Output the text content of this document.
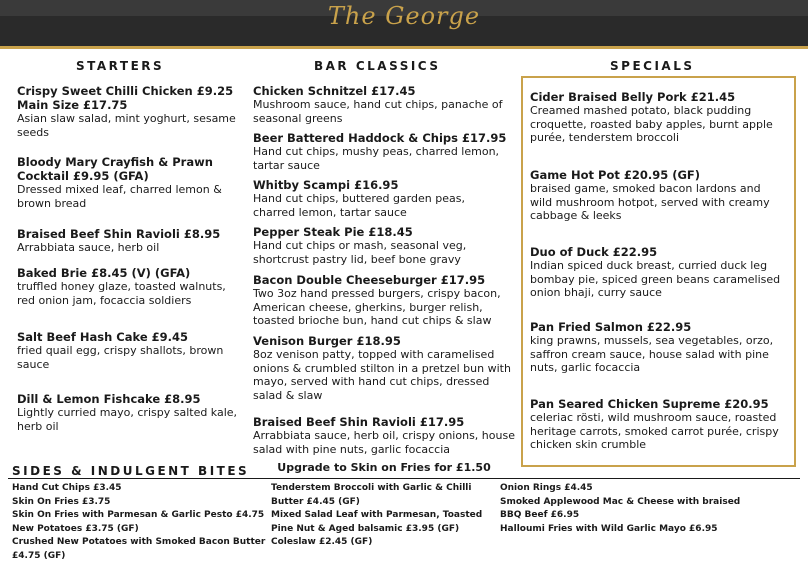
The George
STARTERS	BAR CLASSICS	SPECIALS
Crispy Sweet Chilli Chicken £9.25
Main Size £17.75
Asian slaw salad, mint yoghurt, sesame
seeds
Bloody Mary Crayfish & Prawn
Cocktail £9.95 (GFA)
Dressed mixed leaf, charred lemon &
brown bread
Braised Beef Shin Ravioli £8.95
Arrabbiata sauce, herb oil
Baked Brie £8.45 (V) (GFA)
truffled honey glaze, toasted walnuts,
red onion jam, focaccia soldiers
Salt Beef Hash Cake £9.45
fried quail egg, crispy shallots, brown
sauce
Dill & Lemon Fishcake £8.95
Lightly curried mayo, crispy salted kale,
herb oil
Chicken Schnitzel £17.45
Mushroom sauce, hand cut chips, panache of
seasonal greens
Beer Battered Haddock & Chips £17.95
Hand cut chips, mushy peas, charred lemon,
tartar sauce
Whitby Scampi £16.95
Hand cut chips, buttered garden peas,
charred lemon, tartar sauce
Pepper Steak Pie £18.45
Hand cut chips or mash, seasonal veg,
shortcrust pastry lid, beef bone gravy
Bacon Double Cheeseburger £17.95
Two 3oz hand pressed burgers, crispy bacon,
American cheese, gherkins, burger relish,
toasted brioche bun, hand cut chips & slaw
Venison Burger £18.95
8oz venison patty, topped with caramelised
onions & crumbled stilton in a pretzel bun with
mayo, served with hand cut chips, dressed
salad & slaw
Braised Beef Shin Ravioli £17.95
Arrabbiata sauce, herb oil, crispy onions, house
salad with pine nuts, garlic focaccia
Upgrade to Skin on Fries for £1.50
Cider Braised Belly Pork £21.45
Creamed mashed potato, black pudding
croquette, roasted baby apples, burnt apple
purée, tenderstem broccoli
Game Hot Pot £20.95 (GF)
braised game, smoked bacon lardons and
wild mushroom hotpot, served with creamy
cabbage & leeks
Duo of Duck £22.95
Indian spiced duck breast, curried duck leg
bombay pie, spiced green beans caramelised
onion bhaji, curry sauce
Pan Fried Salmon £22.95
king prawns, mussels, sea vegetables, orzo,
saffron cream sauce, house salad with pine
nuts, garlic focaccia
Pan Seared Chicken Supreme £20.95
celeriac rösti, wild mushroom sauce, roasted
heritage carrots, smoked carrot purée, crispy
chicken skin crumble
SIDES & INDULGENT BITES
Hand Cut Chips £3.45
Skin On Fries £3.75
Skin On Fries with Parmesan & Garlic Pesto £4.75
New Potatoes £3.75 (GF)
Crushed New Potatoes with Smoked Bacon Butter
£4.75 (GF)
Tenderstem Broccoli with Garlic & Chilli
Butter £4.45 (GF)
Mixed Salad Leaf with Parmesan, Toasted
Pine Nut & Aged balsamic £3.95 (GF)
Coleslaw £2.45 (GF)
Onion Rings £4.45
Smoked Applewood Mac & Cheese with braised
BBQ Beef £6.95
Halloumi Fries with Wild Garlic Mayo £6.95
